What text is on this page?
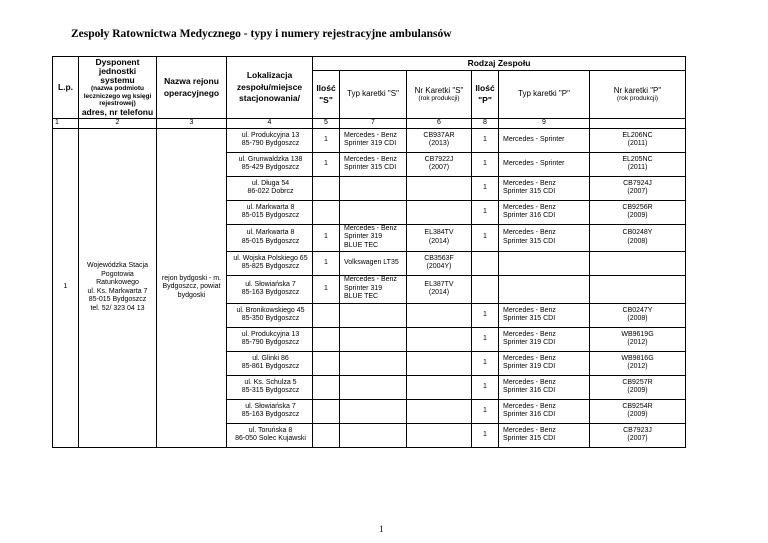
Zespoły Ratownictwa Medycznego - typy i numery rejestracyjne ambulansów
L.p.	Dysponent jednostki systemu
(nazwa podmiotu leczniczego wg księgi rejestrowej)
adres, nr telefonu	Nazwa rejonu operacyjnego	Lokalizacja zespołu/miejsce stacjonowania/	Rodzaj Zespołu					
				Ilość "S"	Typ karetki "S"	Nr Karetki "S"
(rok produkcji)	Ilość "P"	Typ karetki "P"	Nr karetki "P"
(rok produkcji)

1	2	3	4	5	7	6	8	9	
1	Wojewódzka Stacja Pogotowia Ratunkowego
ul. Ks. Markwarta 7
85-015 Bydgoszcz
tel. 52/ 323 04 13	rejon bydgoski - m. Bydgoszcz, powiat bydgoski	ul. Produkcyjna 13
85-790 Bydgoszcz	1	Mercedes - Benz
Sprinter 319 CDI	CB937AR
(2013)	1	Mercedes - Sprinter	EL206NC
(2011)
			ul. Grunwaldzka 138
85-429 Bydgoszcz	1	Mercedes - Benz
Sprinter 315 CDI	CB7922J
(2007)	1	Mercedes - Sprinter	EL205NC
(2011)
			ul. Długa 54
86-022 Dobrcz				1	Mercedes - Benz
Sprinter 315 CDI	CB7924J
(2007)
			ul. Markwarta 8
85-015 Bydgoszcz				1	Mercedes - Benz
Sprinter 316 CDI	CB9256R
(2009)
			ul. Markwarta 8
85-015 Bydgoszcz	1	Mercedes - Benz
Sprinter 319
BLUE TEC	EL384TV
(2014)	1	Mercedes - Benz
Sprinter 315 CDI	CB0248Y
(2008)
			ul. Wojska Polskiego 65
85-825 Bydgoszcz	1	Volkswagen LT35	CB3563F
(2004Y)			
			ul. Słowiańska 7
85-163 Bydgoszcz	1	Mercedes - Benz
Sprinter 319
BLUE TEC	EL387TV
(2014)			
			ul. Bronikowskiego 45
85-350 Bydgoszcz				1	Mercedes - Benz
Sprinter 315 CDI	CB0247Y
(2008)
			ul. Produkcyjna 13
85-790 Bydgoszcz				1	Mercedes - Benz
Sprinter 319 CDI	WB9619G
(2012)
			ul. Glinki 86
85-861 Bydgoszcz				1	Mercedes - Benz
Sprinter 319 CDI	WB9816G
(2012)
			ul. Ks. Schulza 5
85-315 Bydgoszcz				1	Mercedes - Benz
Sprinter 316 CDI	CB9257R
(2009)
			ul. Słowiańska 7
85-163 Bydgoszcz				1	Mercedes - Benz
Sprinter 316 CDI	CB9254R
(2009)
			ul. Toruńska 8
86-050 Solec Kujawski				1	Mercedes - Benz
Sprinter 315 CDI	CB7923J
(2007)
1
